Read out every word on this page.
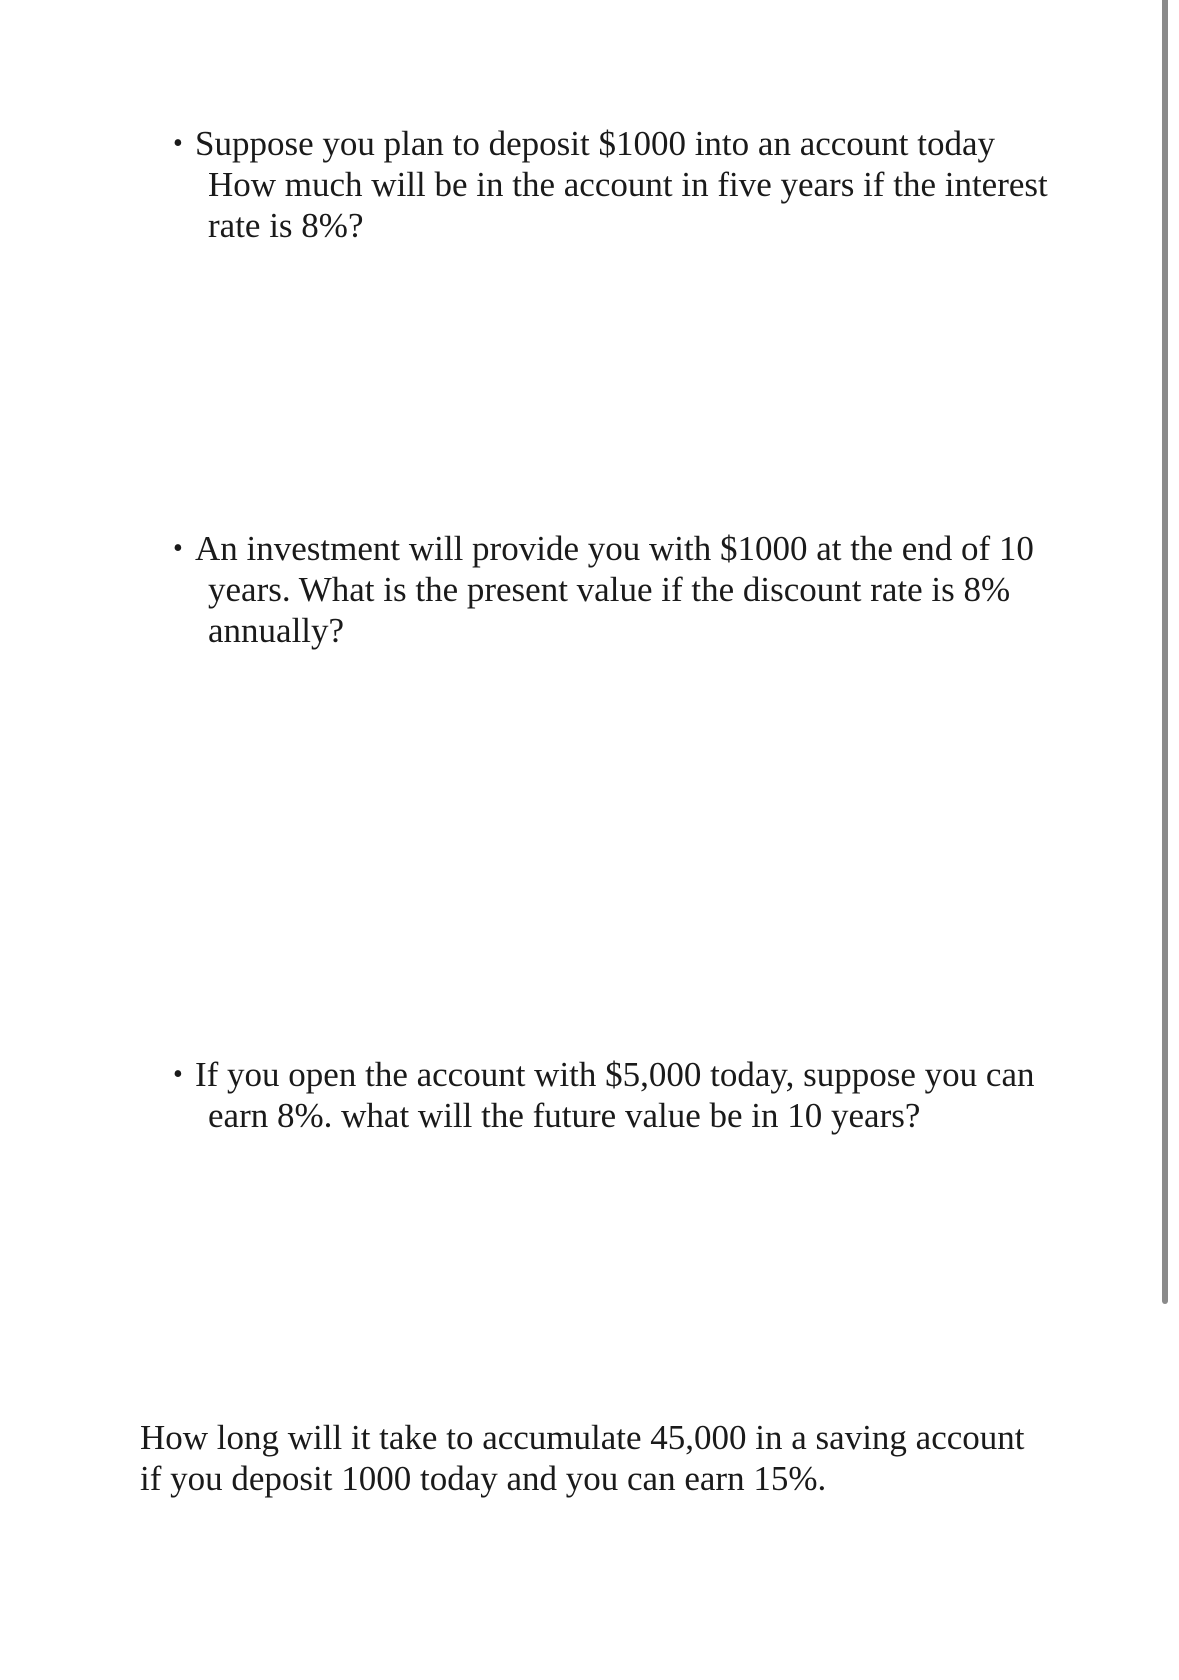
• Suppose you plan to deposit $1000 into an account today
How much will be in the account in five years if the interest
rate is 8%?
• An investment will provide you with $1000 at the end of 10
years. What is the present value if the discount rate is 8%
annually?
• If you open the account with $5,000 today, suppose you can
earn 8%. what will the future value be in 10 years?
How long will it take to accumulate 45,000 in a saving account
if you deposit 1000 today and you can earn 15%.
